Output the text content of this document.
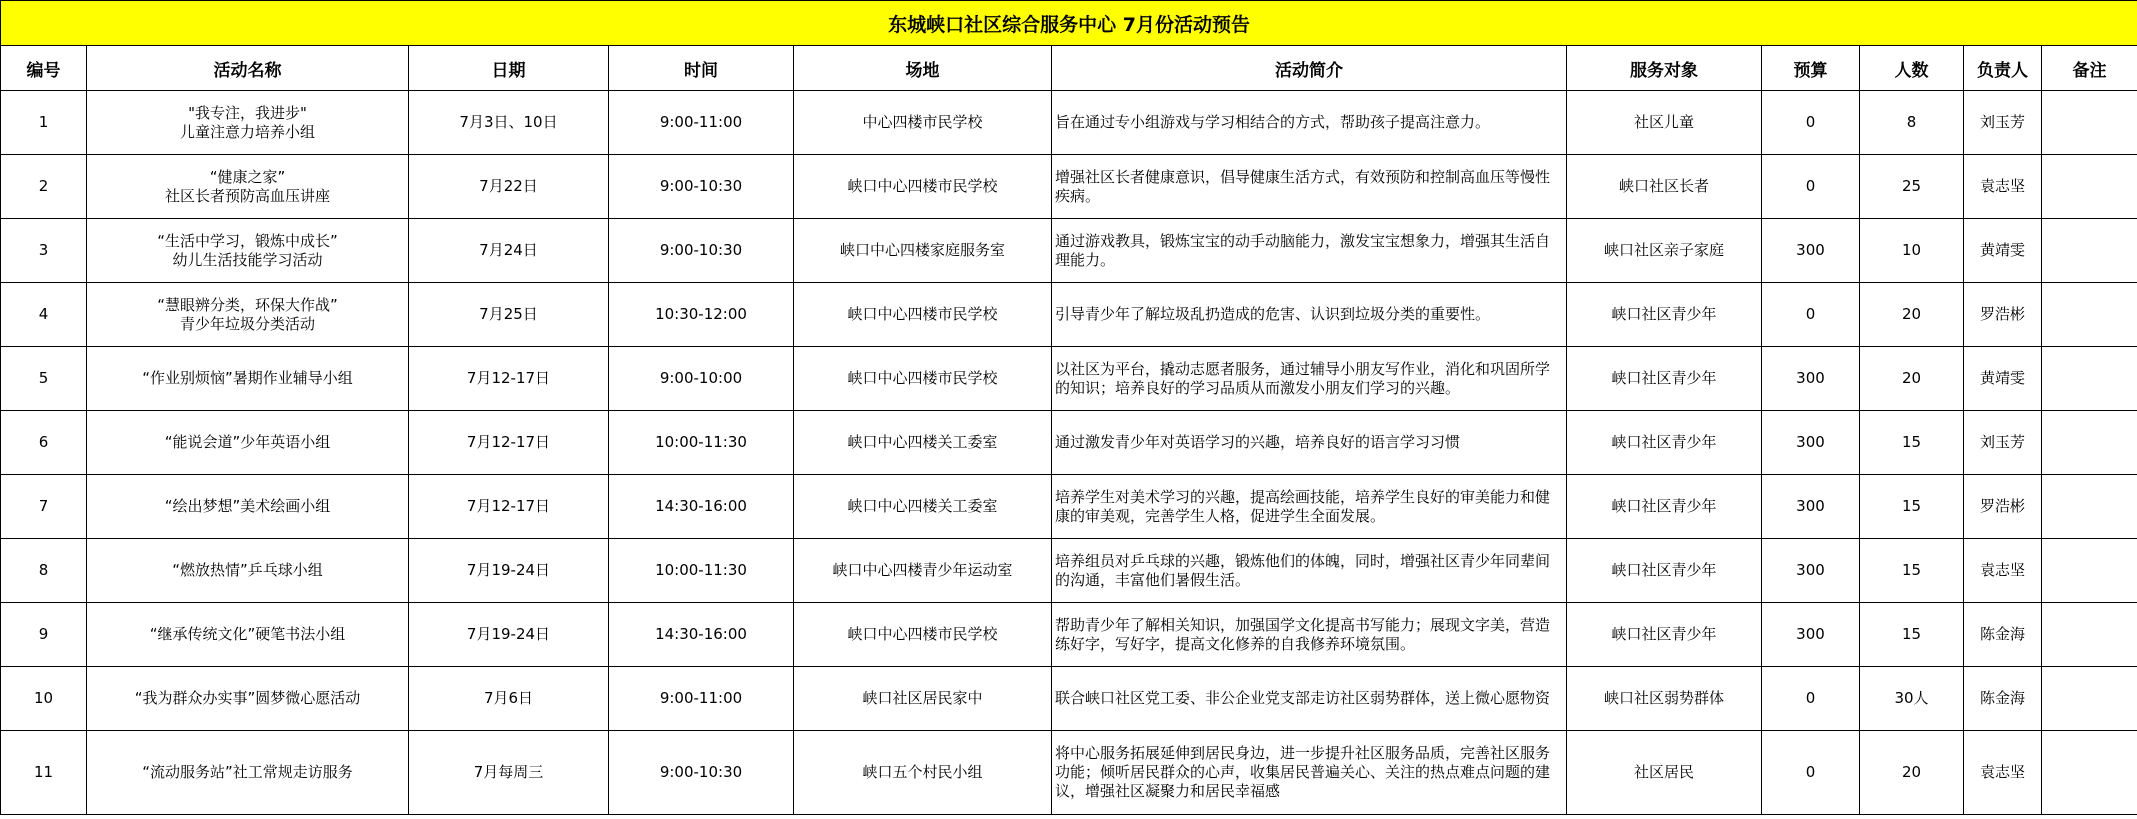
东城峡口社区综合服务中心 7月份活动预告										
编号	活动名称	日期	时间	场地	活动简介	服务对象	预算	人数	负责人	备注
1	"我专注，我进步"
儿童注意力培养小组	7月3日、10日	9:00-11:00	中心四楼市民学校	旨在通过专小组游戏与学习相结合的方式，帮助孩子提高注意力。	社区儿童	0	8	刘玉芳	
2	“健康之家”
社区长者预防高血压讲座	7月22日	9:00-10:30	峡口中心四楼市民学校	增强社区长者健康意识，倡导健康生活方式，有效预防和控制高血压等慢性疾病。	峡口社区长者	0	25	袁志坚	
3	“生活中学习，锻炼中成长”
幼儿生活技能学习活动	7月24日	9:00-10:30	峡口中心四楼家庭服务室	通过游戏教具，锻炼宝宝的动手动脑能力，激发宝宝想象力，增强其生活自理能力。	峡口社区亲子家庭	300	10	黄靖雯	
4	“慧眼辨分类，环保大作战”
青少年垃圾分类活动	7月25日	10:30-12:00	峡口中心四楼市民学校	引导青少年了解垃圾乱扔造成的危害、认识到垃圾分类的重要性。	峡口社区青少年	0	20	罗浩彬	
5	“作业别烦恼”暑期作业辅导小组	7月12-17日	9:00-10:00	峡口中心四楼市民学校	以社区为平台，撬动志愿者服务，通过辅导小朋友写作业，消化和巩固所学的知识；培养良好的学习品质从而激发小朋友们学习的兴趣。	峡口社区青少年	300	20	黄靖雯	
6	“能说会道”少年英语小组	7月12-17日	10:00-11:30	峡口中心四楼关工委室	通过激发青少年对英语学习的兴趣，培养良好的语言学习习惯	峡口社区青少年	300	15	刘玉芳	
7	“绘出梦想”美术绘画小组	7月12-17日	14:30-16:00	峡口中心四楼关工委室	培养学生对美术学习的兴趣，提高绘画技能，培养学生良好的审美能力和健康的审美观，完善学生人格，促进学生全面发展。	峡口社区青少年	300	15	罗浩彬	
8	“燃放热情”乒乓球小组	7月19-24日	10:00-11:30	峡口中心四楼青少年运动室	培养组员对乒乓球的兴趣，锻炼他们的体魄，同时，增强社区青少年同辈间的沟通，丰富他们暑假生活。	峡口社区青少年	300	15	袁志坚	
9	“继承传统文化”硬笔书法小组	7月19-24日	14:30-16:00	峡口中心四楼市民学校	帮助青少年了解相关知识，加强国学文化提高书写能力；展现文字美，营造练好字，写好字，提高文化修养的自我修养环境氛围。	峡口社区青少年	300	15	陈金海	
10	“我为群众办实事”圆梦微心愿活动	7月6日	9:00-11:00	峡口社区居民家中	联合峡口社区党工委、非公企业党支部走访社区弱势群体，送上微心愿物资	峡口社区弱势群体	0	30人	陈金海	
11	“流动服务站”社工常规走访服务	7月每周三	9:00-10:30	峡口五个村民小组	将中心服务拓展延伸到居民身边，进一步提升社区服务品质，完善社区服务功能；倾听居民群众的心声，收集居民普遍关心、关注的热点难点问题的建议，增强社区凝聚力和居民幸福感	社区居民	0	20	袁志坚	
